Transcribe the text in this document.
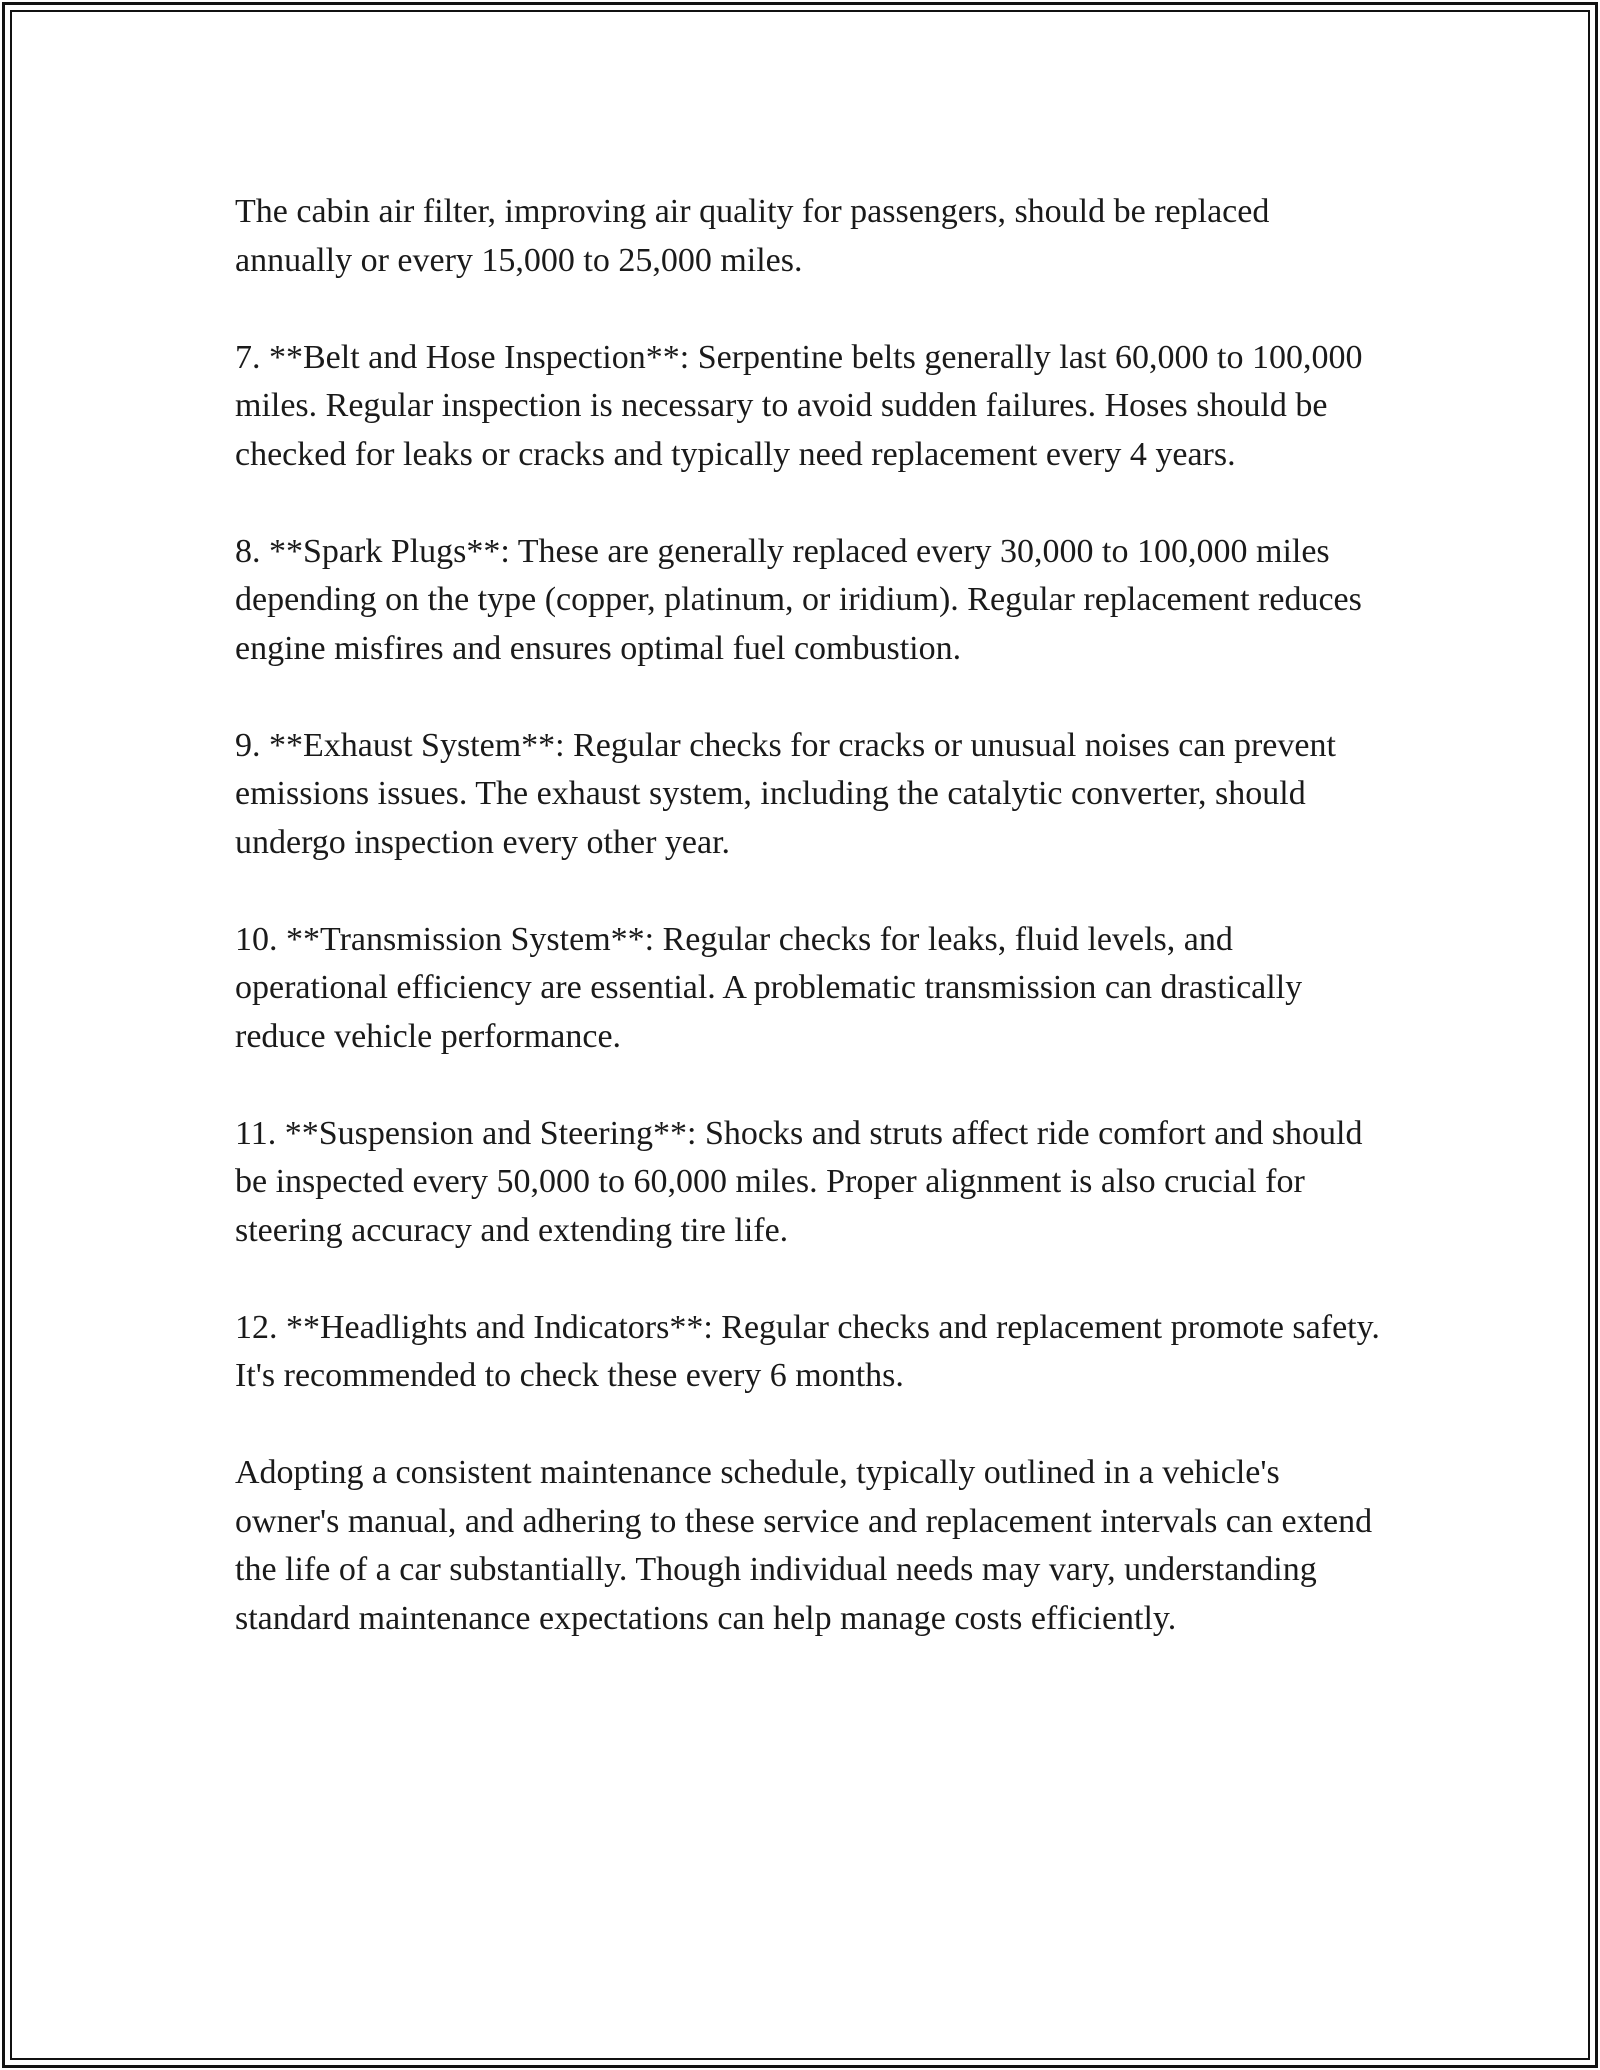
The cabin air filter, improving air quality for passengers, should be replaced annually or every 15,000 to 25,000 miles.

7. **Belt and Hose Inspection**: Serpentine belts generally last 60,000 to 100,000 miles. Regular inspection is necessary to avoid sudden failures. Hoses should be checked for leaks or cracks and typically need replacement every 4 years.

8. **Spark Plugs**: These are generally replaced every 30,000 to 100,000 miles depending on the type (copper, platinum, or iridium). Regular replacement reduces engine misfires and ensures optimal fuel combustion.

9. **Exhaust System**: Regular checks for cracks or unusual noises can prevent emissions issues. The exhaust system, including the catalytic converter, should undergo inspection every other year.

10. **Transmission System**: Regular checks for leaks, fluid levels, and operational efficiency are essential. A problematic transmission can drastically reduce vehicle performance.

11. **Suspension and Steering**: Shocks and struts affect ride comfort and should be inspected every 50,000 to 60,000 miles. Proper alignment is also crucial for steering accuracy and extending tire life.

12. **Headlights and Indicators**: Regular checks and replacement promote safety. It's recommended to check these every 6 months.

Adopting a consistent maintenance schedule, typically outlined in a vehicle's owner's manual, and adhering to these service and replacement intervals can extend the life of a car substantially. Though individual needs may vary, understanding standard maintenance expectations can help manage costs efficiently.
